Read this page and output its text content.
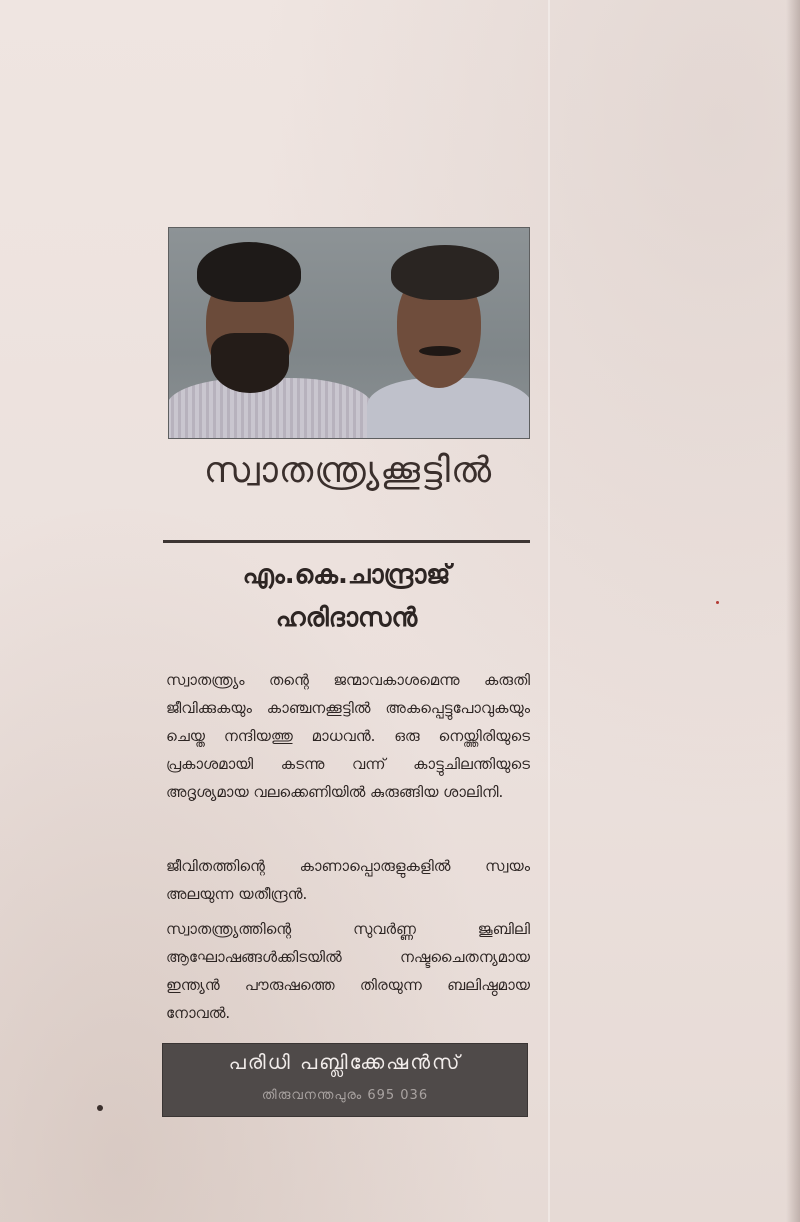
സ്വാതന്ത്ര്യക്കൂട്ടിൽ
എം.കെ.ചാന്ദ്രാജ്
ഹരിദാസൻ

സ്വാതന്ത്ര്യം തന്റെ ജന്മാവകാശമെന്നു കരുതി ജീവിക്കുകയും കാഞ്ചനക്കൂട്ടിൽ അകപ്പെട്ടുപോവുകയും ചെയ്ത നന്ദിയത്തു മാധവൻ. ഒരു നെയ്ത്തിരിയുടെ പ്രകാശമായി കടന്നു വന്ന് കാട്ടുചിലന്തിയുടെ അദൃശ്യമായ വലക്കെണിയിൽ കുരുങ്ങിയ ശാലിനി.

ജീവിതത്തിന്റെ കാണാപ്പൊരുളുകളിൽ സ്വയം അലയുന്ന യതീന്ദ്രൻ.

സ്വാതന്ത്ര്യത്തിന്റെ സുവർണ്ണ ജൂബിലി ആഘോഷങ്ങൾക്കിടയിൽ നഷ്ടചൈതന്യമായ ഇന്ത്യൻ പൗരുഷത്തെ തിരയുന്ന ബലിഷ്ഠമായ നോവൽ.

പരിധി പബ്ലിക്കേഷൻസ്
തിരുവനന്തപുരം 695 036
